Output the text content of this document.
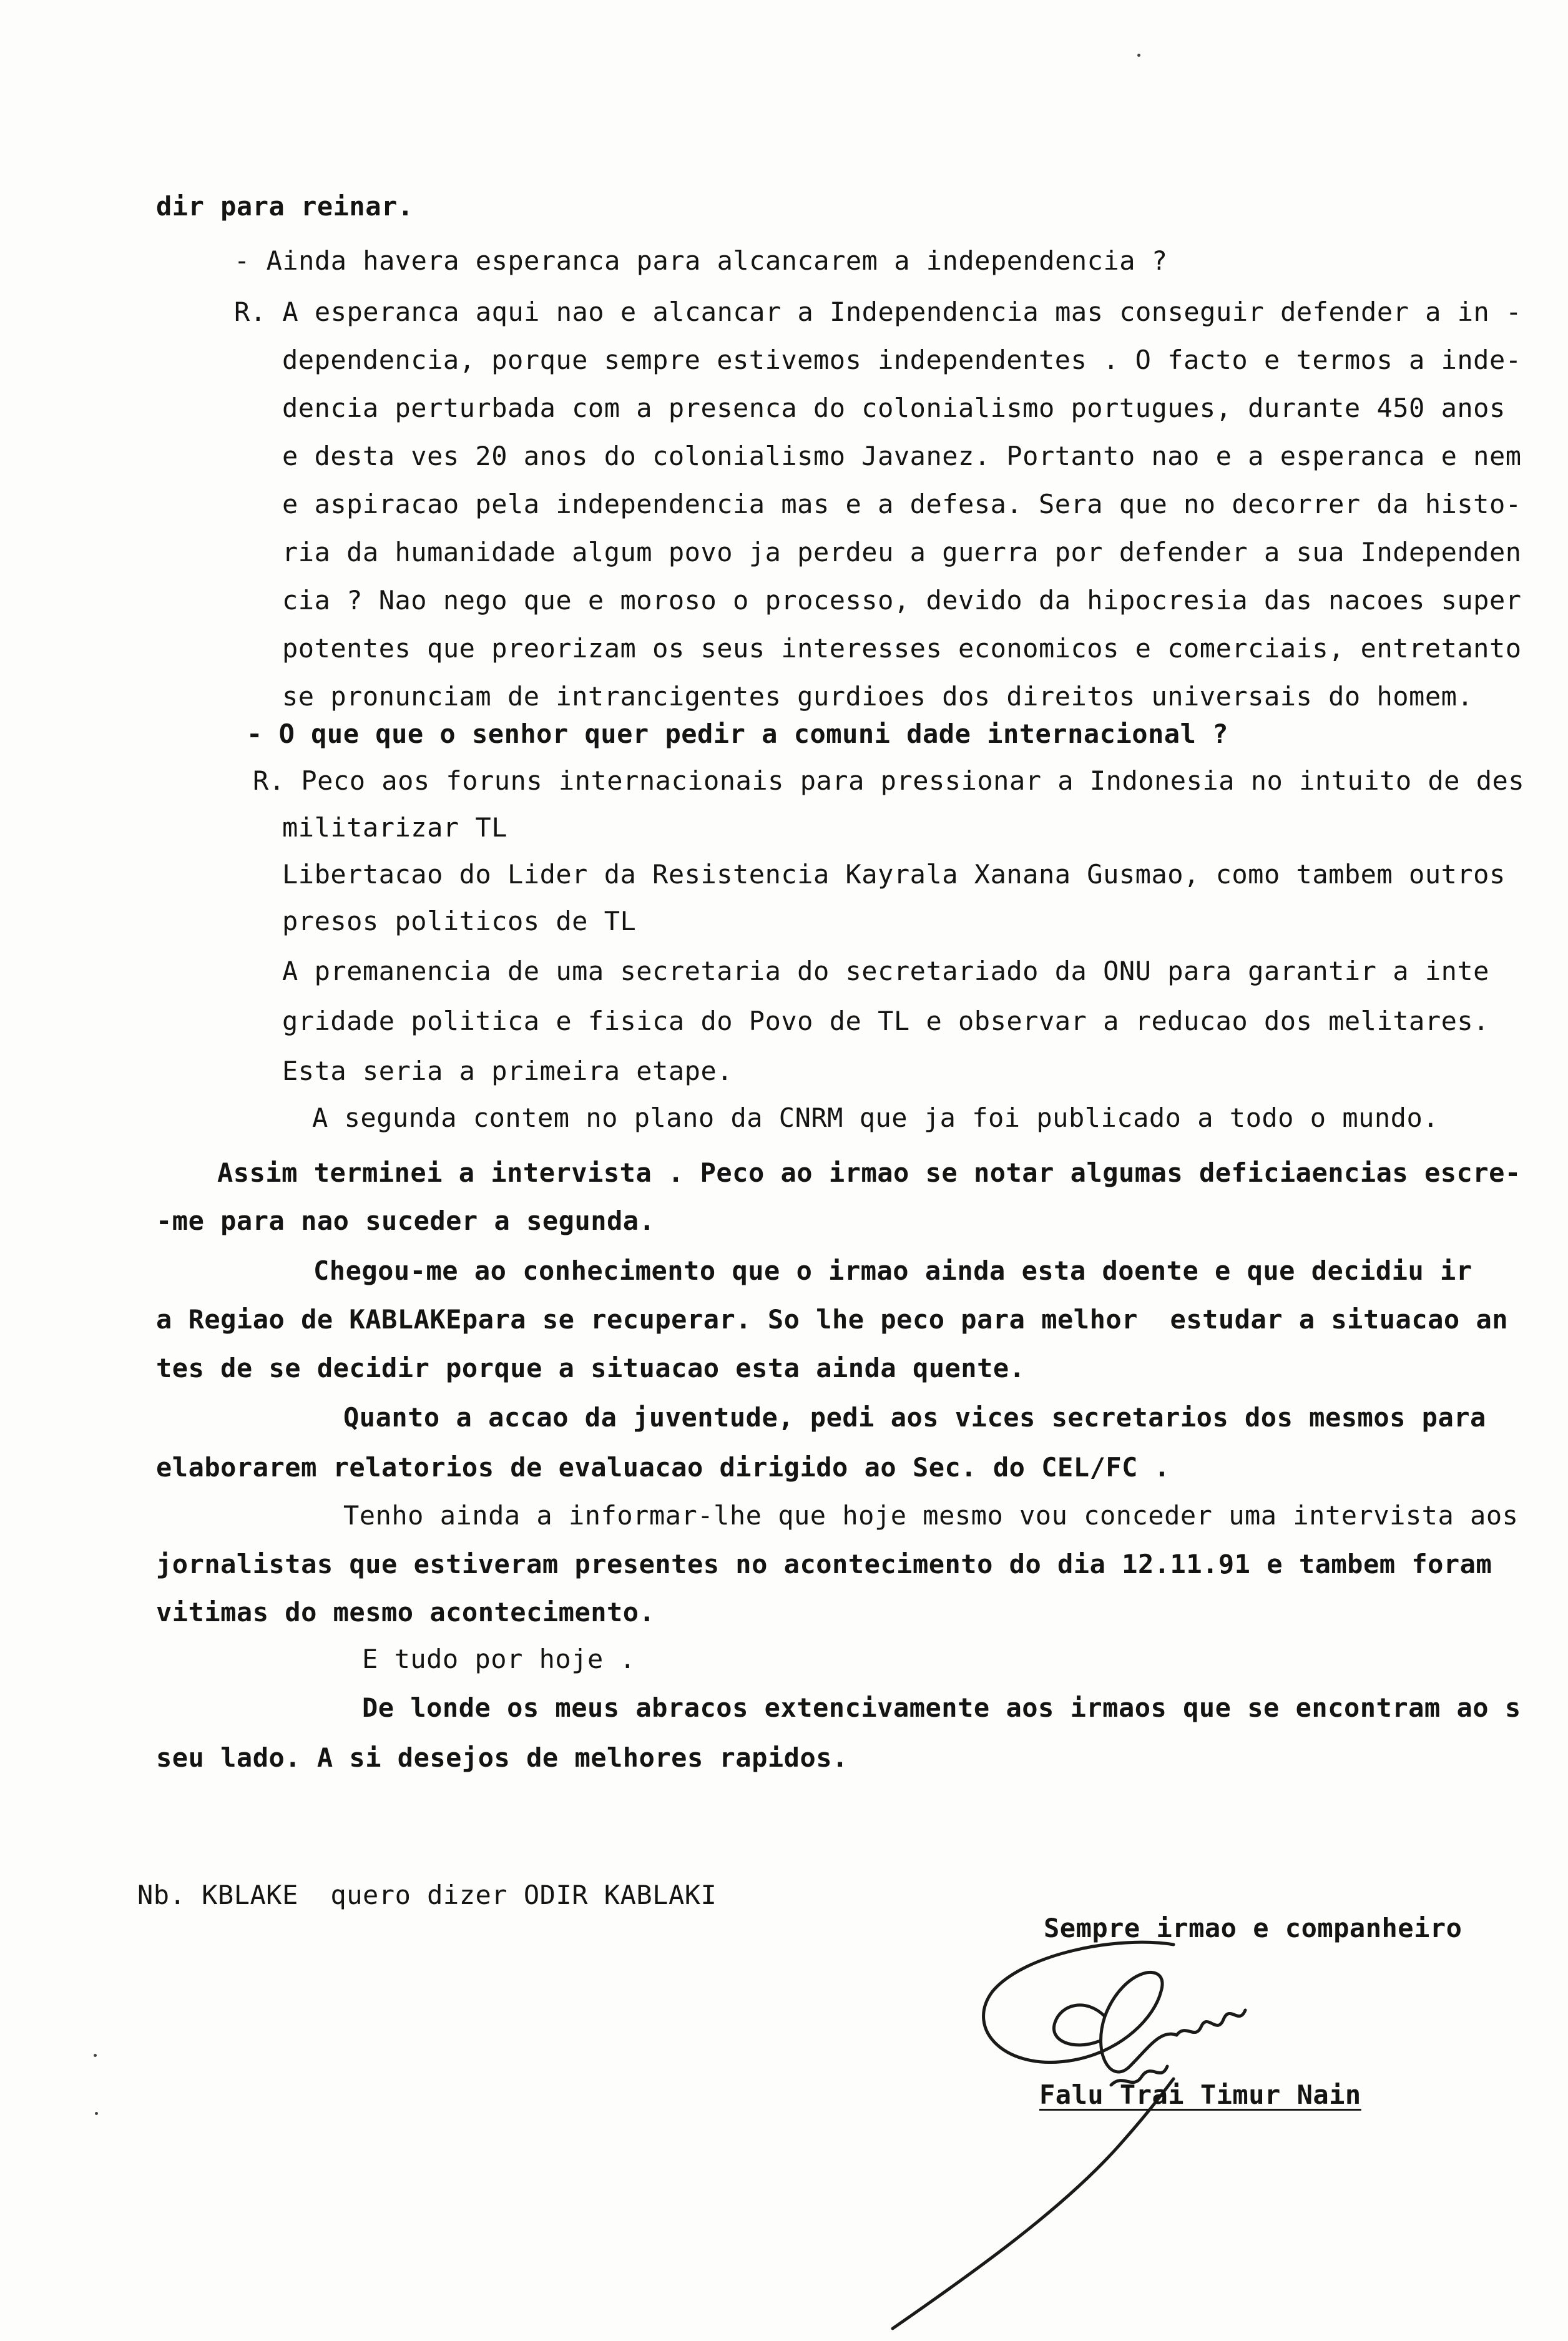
dir para reinar.
- Ainda havera esperanca para alcancarem a independencia ?
R. A esperanca aqui nao e alcancar a Independencia mas conseguir defender a in -
dependencia, porque sempre estivemos independentes . O facto e termos a inde-
dencia perturbada com a presenca do colonialismo portugues, durante 450 anos
e desta ves 20 anos do colonialismo Javanez. Portanto nao e a esperanca e nem
e aspiracao pela independencia mas e a defesa. Sera que no decorrer da histo-
ria da humanidade algum povo ja perdeu a guerra por defender a sua Independen
cia ? Nao nego que e moroso o processo, devido da hipocresia das nacoes super
potentes que preorizam os seus interesses economicos e comerciais, entretanto
se pronunciam de intrancigentes gurdioes dos direitos universais do homem.
- O que que o senhor quer pedir a comuni dade internacional ?
R. Peco aos foruns internacionais para pressionar a Indonesia no intuito de des
militarizar TL
Libertacao do Lider da Resistencia Kayrala Xanana Gusmao, como tambem outros
presos politicos de TL
A premanencia de uma secretaria do secretariado da ONU para garantir a inte
gridade politica e fisica do Povo de TL e observar a reducao dos melitares.
Esta seria a primeira etape.
A segunda contem no plano da CNRM que ja foi publicado a todo o mundo.
Assim terminei a intervista . Peco ao irmao se notar algumas deficiaencias escre-
-me para nao suceder a segunda.
Chegou-me ao conhecimento que o irmao ainda esta doente e que decidiu ir
a Regiao de KABLAKEpara se recuperar. So lhe peco para melhor  estudar a situacao an
tes de se decidir porque a situacao esta ainda quente.
Quanto a accao da juventude, pedi aos vices secretarios dos mesmos para
elaborarem relatorios de evaluacao dirigido ao Sec. do CEL/FC .
Tenho ainda a informar-lhe que hoje mesmo vou conceder uma intervista aos
jornalistas que estiveram presentes no acontecimento do dia 12.11.91 e tambem foram
vitimas do mesmo acontecimento.
E tudo por hoje .
De londe os meus abracos extencivamente aos irmaos que se encontram ao s
seu lado. A si desejos de melhores rapidos.
Nb. KBLAKE  quero dizer ODIR KABLAKI
Sempre irmao e companheiro
Falu Trai Timur Nain
